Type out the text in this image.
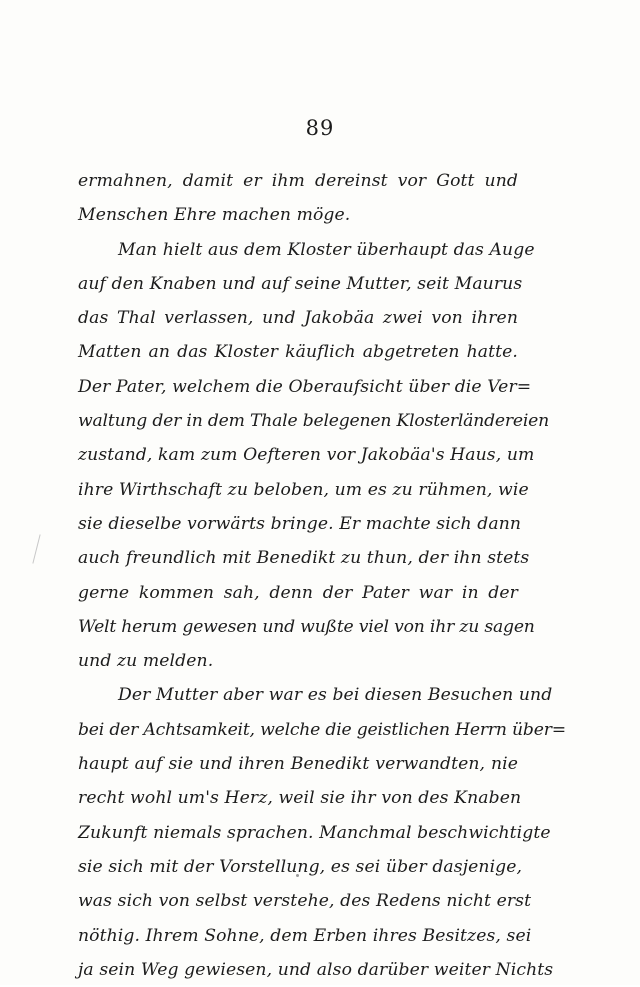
89
ermahnen, damit er ihm dereinst vor Gott und
Menschen Ehre machen möge.
Man hielt aus dem Kloster überhaupt das Auge
auf den Knaben und auf seine Mutter, seit Maurus
das Thal verlassen, und Jakobäa zwei von ihren
Matten an das Kloster käuflich abgetreten hatte.
Der Pater, welchem die Oberaufsicht über die Ver=
waltung der in dem Thale belegenen Klosterländereien
zustand, kam zum Oefteren vor Jakobäa's Haus, um
ihre Wirthschaft zu beloben, um es zu rühmen, wie
sie dieselbe vorwärts bringe. Er machte sich dann
auch freundlich mit Benedikt zu thun, der ihn stets
gerne kommen sah, denn der Pater war in der
Welt herum gewesen und wußte viel von ihr zu sagen
und zu melden.
Der Mutter aber war es bei diesen Besuchen und
bei der Achtsamkeit, welche die geistlichen Herrn über=
haupt auf sie und ihren Benedikt verwandten, nie
recht wohl um's Herz, weil sie ihr von des Knaben
Zukunft niemals sprachen. Manchmal beschwichtigte
sie sich mit der Vorstellung, es sei über dasjenige,
was sich von selbst verstehe, des Redens nicht erst
nöthig. Ihrem Sohne, dem Erben ihres Besitzes, sei
ja sein Weg gewiesen, und also darüber weiter Nichts
